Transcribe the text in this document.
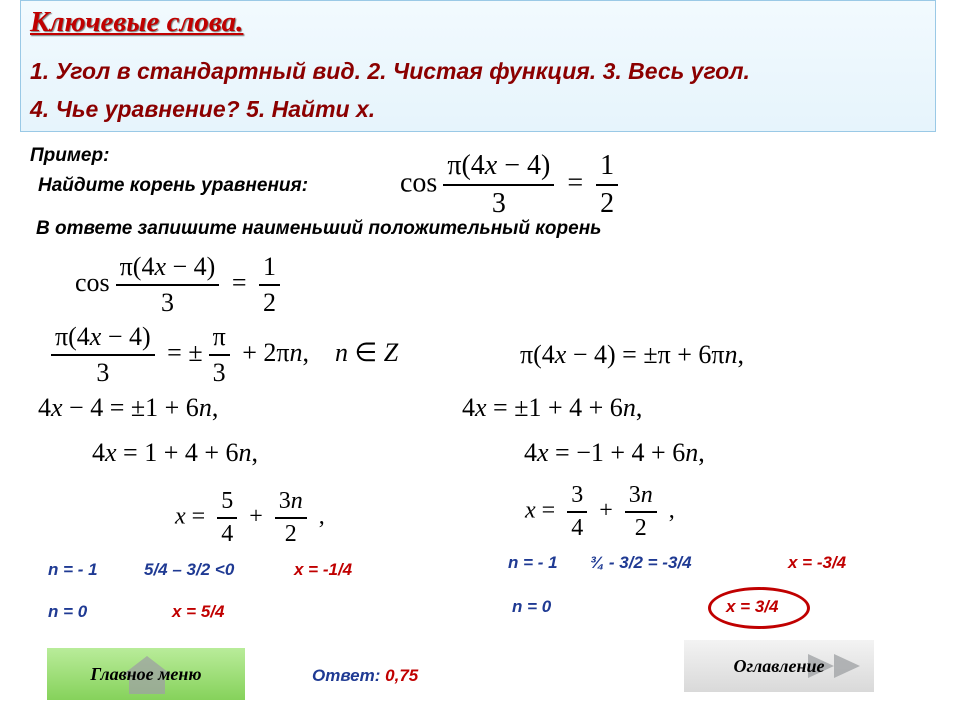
Ключевые слова.
1. Угол в стандартный вид. 2. Чистая функция. 3. Весь угол.
4. Чье уравнение? 5. Найти х.
Пример:
Найдите корень уравнения:
В ответе запишите наименьший положительный корень
$\cos \frac{\pi(4x - 4)}{3} = \frac{1}{2}$
$\cos \frac{\pi(4x - 4)}{3} = \frac{1}{2}$
$\frac{\pi(4x - 4)}{3}$ = ± $\frac{\pi}{3} + 2\pi n$,    n ∈ Z	π(4x − 4) = ±π + 6πn,
4x − 4 = ±1 + 6n,
4x = 1 + 4 + 6n,
4x = ±1 + 4 + 6n,
4x = −1 + 4 + 6n,
$x = \frac{5}{4} + \frac{3n}{2}$ ,	$x = \frac{3}{4} + \frac{3n}{2}$ ,
n = - 1	5/4 – 3/2 <0	x = -1/4
n = 0	x = 5/4
n = - 1 ¾ - 3/2 = -3/4	x = -3/4
n = 0	x = 3/4
Ответ: 0,75
Главное меню	Оглавление
